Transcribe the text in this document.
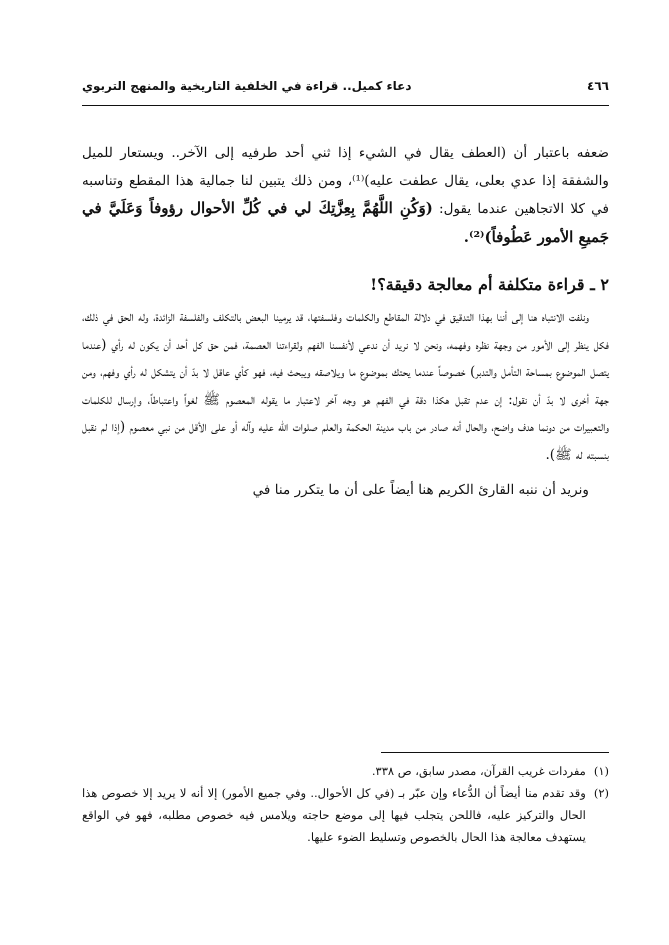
٤٦٦
دعاء كميل.. قراءة في الخلفية التاريخية والمنهج التربوي

ضعفه باعتبار أن (العطف يقال في الشيء إذا ثني أحد طرفيه إلى الآخر.. ويستعار للميل والشفقة إذا عدي بعلى، يقال عطفت عليه)⁽¹⁾، ومن ذلك يتبين لنا جمالية هذا المقطع وتناسبه في كلا الاتجاهين عندما يقول: (وَكُنِ اللَّهُمَّ بِعِزَّتِكَ لي في كُلِّ الأحوال رؤوفاً وَعَلَيَّ في جَميعِ الأمور عَطُوفاً)⁽²⁾.

٢ ـ قراءة متكلفة أم معالجة دقيقة؟!

ونلفت الانتباه هنا إلى أننا بهذا التدقيق في دلالة المقاطع والكلمات وفلسفتها، قد يرمينا البعض بالتكلف والفلسفة الزائدة، وله الحق في ذلك، فكل ينظر إلى الأمور من وجهة نظره وفهمه، ونحن لا نريد أن ندعي لأنفسنا الفهم ولقراءتنا العصمة، فمن حق كل أحد أن يكون له رأي (عندما يتصل الموضوع بمساحة التأمل والتدبر) خصوصاً عندما يحتك بموضوع ما ويلاصقه ويبحث فيه، فهو كأي عاقل لا بدّ أن يتشكل له رأي وفهم، ومن جهة أخرى لا بدّ أن نقول: إن عدم تقبل هكذا دقة في الفهم هو وجه آخر لاعتبار ما يقوله المعصوم ﷺ لغواً واعتباطاً، وإرسال للكلمات والتعبيرات من دونما هدف واضح، والحال أنه صادر من باب مدينة الحكمة والعلم صلوات الله عليه وآله أو على الأقل من نبي معصوم (إذا لم نقبل بنسبته له ﷺ).

ونريد أن ننبه القارئ الكريم هنا أيضاً على أن ما يتكرر منا في

(١)
مفردات غريب القرآن، مصدر سابق، ص ٣٣٨.
(٢)
وقد تقدم منا أيضاً أن الدُّعاء وإن عبّر بـ (في كل الأحوال.. وفي جميع الأمور) إلا أنه لا يريد إلا خصوص هذا الحال والتركيز عليه، فاللحن يتجلب فيها إلى موضع حاجته ويلامس فيه خصوص مطلبه، فهو في الواقع يستهدف معالجة هذا الحال بالخصوص وتسليط الضوء عليها.
